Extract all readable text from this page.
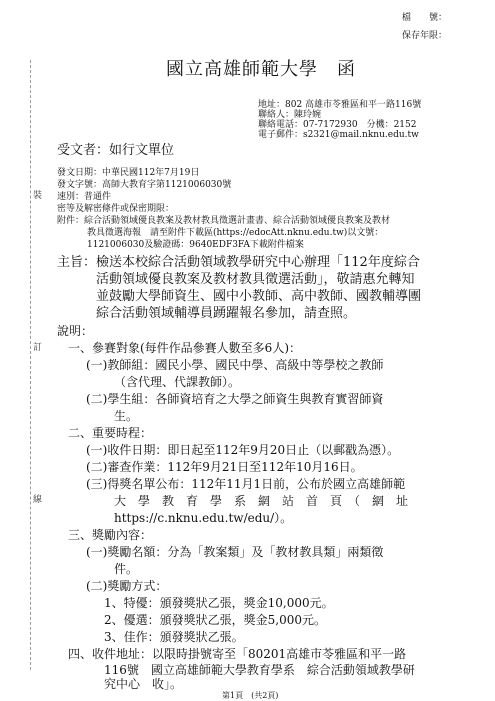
裝
訂
線
檔　　號：
保存年限：
國立高雄師範大學　函
地址：802 高雄市苓雅區和平一路116號
聯絡人：陳玲婉
聯絡電話：07-7172930　分機：2152
電子郵件：s2321@mail.nknu.edu.tw
受文者：如行文單位
發文日期：中華民國112年7月19日
發文字號：高師大教育字第1121006030號
速別：普通件
密等及解密條件或保密期限：
附件：綜合活動領域優良教案及教材教具徵選計畫書、綜合活動領域優良教案及教材
教具徵選海報　請至附件下載區(https://edocAtt.nknu.edu.tw)以文號：
1121006030及驗證碼：9640EDF3FA下載附件檔案
主旨：檢送本校綜合活動領域教學研究中心辦理「112年度綜合
活動領域優良教案及教材教具徵選活動」，敬請惠允轉知
並鼓勵大學師資生、國中小教師、高中教師、國教輔導團
綜合活動領域輔導員踴躍報名參加，請查照。
說明：
一、參賽對象(每件作品參賽人數至多6人)：
(一)教師組：國民小學、國民中學、高級中等學校之教師
（含代理、代課教師）。
(二)學生組：各師資培育之大學之師資生與教育實習師資
生。
二、重要時程：
(一)收件日期：即日起至112年9月20日止（以郵戳為憑）。
(二)審查作業：112年9月21日至112年10月16日。
(三)得獎名單公布：112年11月1日前，公布於國立高雄師範
大　學　教　育　學　系　網　站　首　頁　（　網　址
https://c.nknu.edu.tw/edu/）。
三、獎勵內容：
(一)獎勵名額：分為「教案類」及「教材教具類」兩類徵
件。
(二)獎勵方式：
1、特優：頒發獎狀乙張，獎金10,000元。
2、優選：頒發獎狀乙張，獎金5,000元。
3、佳作：頒發獎狀乙張。
四、收件地址：以限時掛號寄至「80201高雄市苓雅區和平一路
116號　國立高雄師範大學教育學系　綜合活動領域教學研
究中心　收」。
第1頁　(共2頁)
